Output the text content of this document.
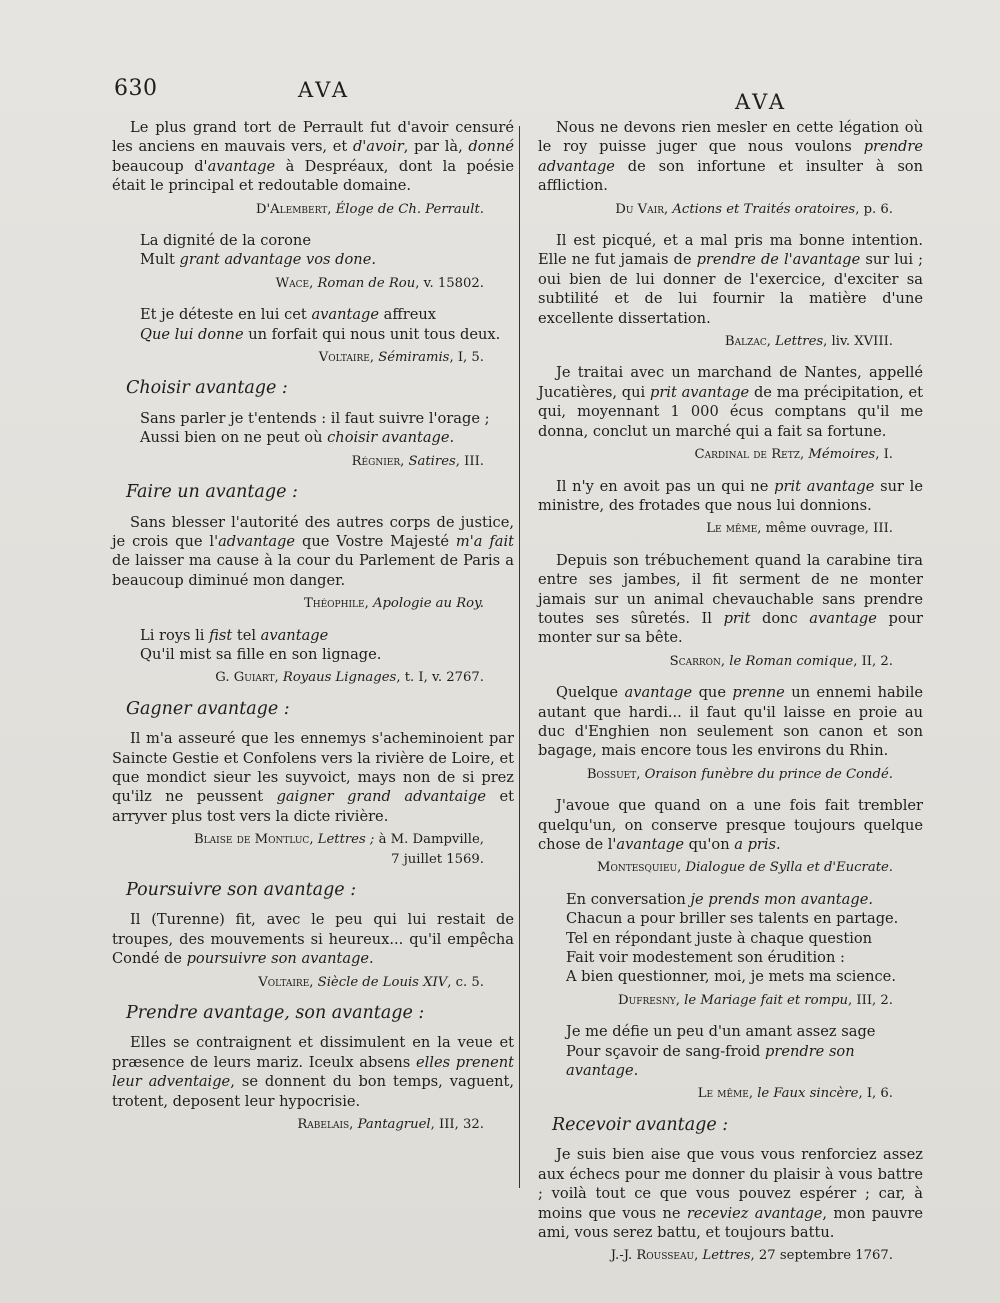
630	AVA	AVA

Le plus grand tort de Perrault fut d'avoir censuré les anciens en mauvais vers, et d'avoir, par là, donné beaucoup d'avantage à Despréaux, dont la poésie était le principal et redoutable domaine.

D'Alembert, Éloge de Ch. Perrault.

La dignité de la corone

Mult grant advantage vos done.

Wace, Roman de Rou, v. 15802.

Et je déteste en lui cet avantage affreux

Que lui donne un forfait qui nous unit tous deux.

Voltaire, Sémiramis, I, 5.
Choisir avantage :

Sans parler je t'entends : il faut suivre l'orage ;

Aussi bien on ne peut où choisir avantage.

Régnier, Satires, III.
Faire un avantage :

Sans blesser l'autorité des autres corps de justice, je crois que l'advantage que Vostre Majesté m'a fait de laisser ma cause à la cour du Parlement de Paris a beaucoup diminué mon danger.

Théophile, Apologie au Roy.

Li roys li fist tel avantage

Qu'il mist sa fille en son lignage.

G. Guiart, Royaus Lignages, t. I, v. 2767.
Gagner avantage :

Il m'a asseuré que les ennemys s'acheminoient par Saincte Gestie et Confolens vers la rivière de Loire, et que mondict sieur les suyvoict, mays non de si prez qu'ilz ne peussent gaigner grand advantaige et arryver plus tost vers la dicte rivière.

Blaise de Montluc, Lettres ; à M. Dampville,
7 juillet 1569.
Poursuivre son avantage :

Il (Turenne) fit, avec le peu qui lui restait de troupes, des mouvements si heureux... qu'il empêcha Condé de poursuivre son avantage.

Voltaire, Siècle de Louis XIV, c. 5.
Prendre avantage, son avantage :

Elles se contraignent et dissimulent en la veue et præsence de leurs mariz. Iceulx absens elles prenent leur adventaige, se donnent du bon temps, vaguent, trotent, deposent leur hypocrisie.

Rabelais, Pantagruel, III, 32.

Nous ne devons rien mesler en cette légation où le roy puisse juger que nous voulons prendre advantage de son infortune et insulter à son affliction.

Du Vair, Actions et Traités oratoires, p. 6.

Il est picqué, et a mal pris ma bonne intention. Elle ne fut jamais de prendre de l'avantage sur lui ; oui bien de lui donner de l'exercice, d'exciter sa subtilité et de lui fournir la matière d'une excellente dissertation.

Balzac, Lettres, liv. XVIII.

Je traitai avec un marchand de Nantes, appellé Jucatières, qui prit avantage de ma précipitation, et qui, moyennant 1 000 écus comptans qu'il me donna, conclut un marché qui a fait sa fortune.

Cardinal de Retz, Mémoires, I.

Il n'y en avoit pas un qui ne prit avantage sur le ministre, des frotades que nous lui donnions.

Le même, même ouvrage, III.

Depuis son trébuchement quand la carabine tira entre ses jambes, il fit serment de ne monter jamais sur un animal chevauchable sans prendre toutes ses sûretés. Il prit donc avantage pour monter sur sa bête.

Scarron, le Roman comique, II, 2.

Quelque avantage que prenne un ennemi habile autant que hardi... il faut qu'il laisse en proie au duc d'Enghien non seulement son canon et son bagage, mais encore tous les environs du Rhin.

Bossuet, Oraison funèbre du prince de Condé.

J'avoue que quand on a une fois fait trembler quelqu'un, on conserve presque toujours quelque chose de l'avantage qu'on a pris.

Montesquieu, Dialogue de Sylla et d'Eucrate.

En conversation je prends mon avantage.

Chacun a pour briller ses talents en partage.

Tel en répondant juste à chaque question

Fait voir modestement son érudition :

A bien questionner, moi, je mets ma science.

Dufresny, le Mariage fait et rompu, III, 2.

Je me défie un peu d'un amant assez sage

Pour sçavoir de sang-froid prendre son avantage.

Le même, le Faux sincère, I, 6.
Recevoir avantage :

Je suis bien aise que vous vous renforciez assez aux échecs pour me donner du plaisir à vous battre ; voilà tout ce que vous pouvez espérer ; car, à moins que vous ne receviez avantage, mon pauvre ami, vous serez battu, et toujours battu.

J.-J. Rousseau, Lettres, 27 septembre 1767.
